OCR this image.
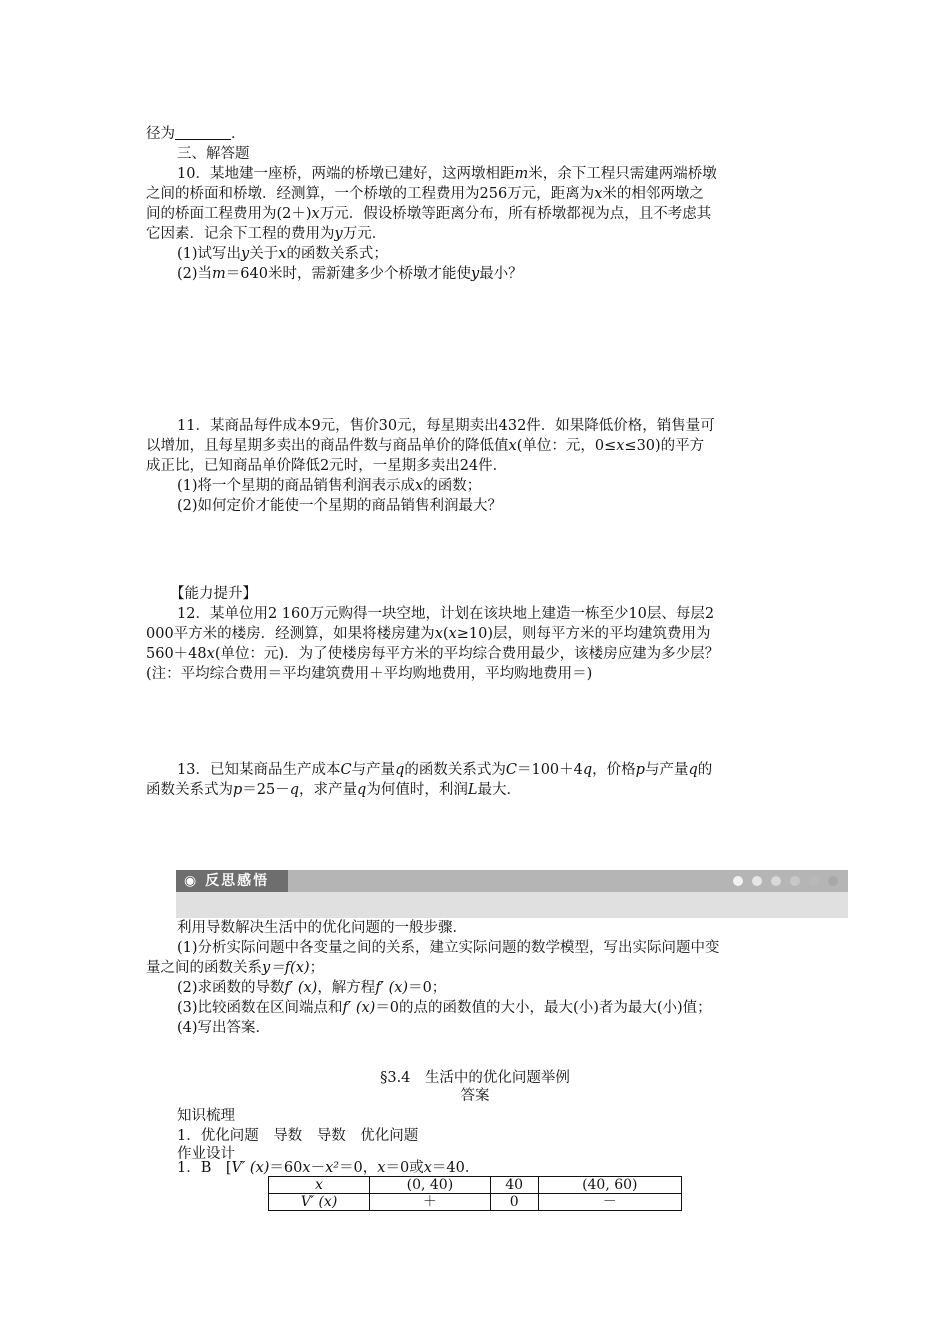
径为	．
三、解答题
10．某地建一座桥，两端的桥墩已建好，这两墩相距m米，余下工程只需建两端桥墩
之间的桥面和桥墩．经测算，一个桥墩的工程费用为256万元，距离为x米的相邻两墩之
间的桥面工程费用为(2＋)x万元．假设桥墩等距离分布，所有桥墩都视为点，且不考虑其
它因素．记余下工程的费用为y万元．
(1)试写出y关于x的函数关系式；
(2)当m＝640米时，需新建多少个桥墩才能使y最小？
11．某商品每件成本9元，售价30元，每星期卖出432件．如果降低价格，销售量可
以增加，且每星期多卖出的商品件数与商品单价的降低值x(单位：元，0≤x≤30)的平方
成正比，已知商品单价降低2元时，一星期多卖出24件．
(1)将一个星期的商品销售利润表示成x的函数；
(2)如何定价才能使一个星期的商品销售利润最大？
【能力提升】
12．某单位用2 160万元购得一块空地，计划在该块地上建造一栋至少10层、每层2
000平方米的楼房．经测算，如果将楼房建为x(x≥10)层，则每平方米的平均建筑费用为
560＋48x(单位：元)．为了使楼房每平方米的平均综合费用最少，该楼房应建为多少层？
(注：平均综合费用＝平均建筑费用＋平均购地费用，平均购地费用＝)
13．已知某商品生产成本C与产量q的函数关系式为C＝100＋4q，价格p与产量q的
函数关系式为p＝25－q，求产量q为何值时，利润L最大．
◉ 反思感悟
利用导数解决生活中的优化问题的一般步骤．
(1)分析实际问题中各变量之间的关系，建立实际问题的数学模型，写出实际问题中变
量之间的函数关系y＝f(x)；
(2)求函数的导数f′ (x)，解方程f′ (x)＝0；
(3)比较函数在区间端点和f′ (x)＝0的点的函数值的大小，最大(小)者为最大(小)值；
(4)写出答案．
§3.4　生活中的优化问题举例
答案
知识梳理
1．优化问题　导数　导数　优化问题
作业设计
1．B　[V′ (x)＝60x－x²＝0，x＝0或x＝40．
x	(0, 40)	40	(40, 60)
V′ (x)	＋	0	－
